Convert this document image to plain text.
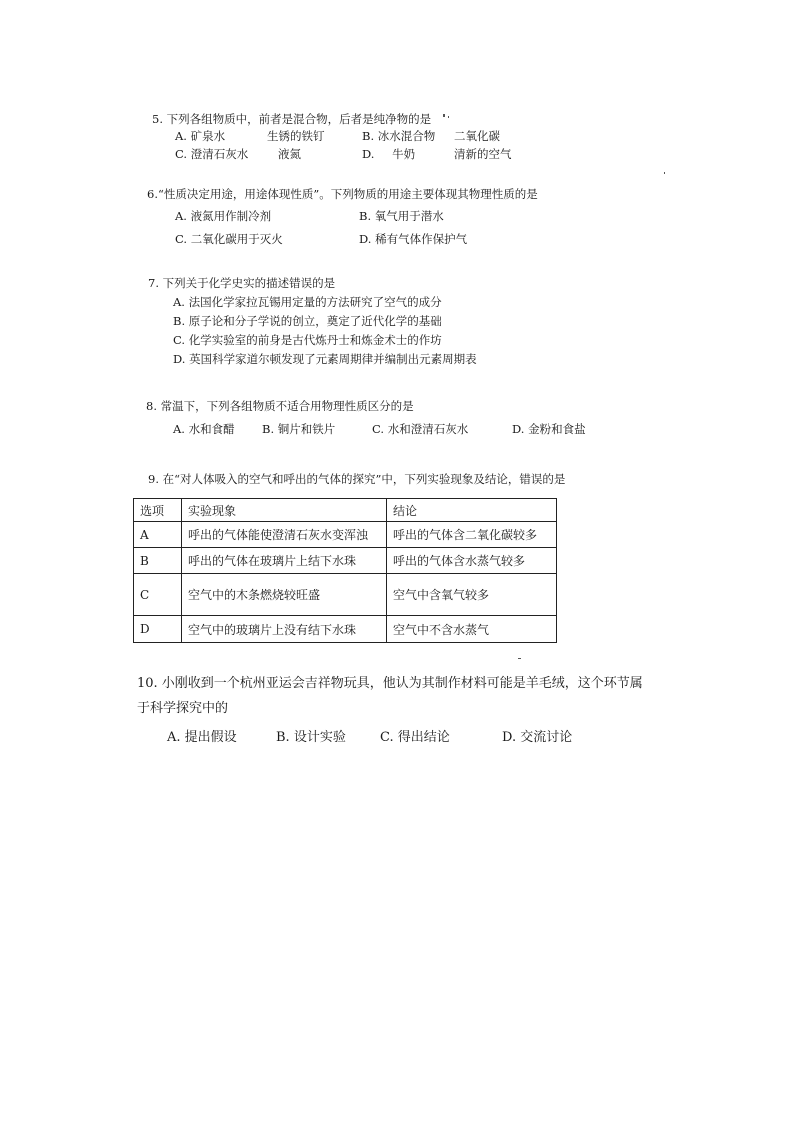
5. 下列各组物质中，前者是混合物，后者是纯净物的是
A. 矿泉水	生锈的铁钉	B. 冰水混合物 二氧化碳
C. 澄清石灰水	液氮	D. 牛奶	清新的空气
6.“性质决定用途，用途体现性质”。下列物质的用途主要体现其物理性质的是
A. 液氮用作制冷剂	B. 氧气用于潜水
C. 二氧化碳用于灭火	D. 稀有气体作保护气
7. 下列关于化学史实的描述错误的是
A. 法国化学家拉瓦锡用定量的方法研究了空气的成分
B. 原子论和分子学说的创立，奠定了近代化学的基础
C. 化学实验室的前身是古代炼丹士和炼金术士的作坊
D. 英国科学家道尔顿发现了元素周期律并编制出元素周期表
8. 常温下，下列各组物质不适合用物理性质区分的是
A. 水和食醋 B. 铜片和铁片	C. 水和澄清石灰水	D. 金粉和食盐
9. 在“对人体吸入的空气和呼出的气体的探究”中，下列实验现象及结论，错误的是
选项	实验现象	结论
A	呼出的气体能使澄清石灰水变浑浊	呼出的气体含二氧化碳较多
B	呼出的气体在玻璃片上结下水珠	呼出的气体含水蒸气较多
C	空气中的木条燃烧较旺盛	空气中含氧气较多
D	空气中的玻璃片上没有结下水珠	空气中不含水蒸气
10. 小刚收到一个杭州亚运会吉祥物玩具，他认为其制作材料可能是羊毛绒，这个环节属
于科学探究中的
A. 提出假设	B. 设计实验	C. 得出结论	D. 交流讨论
